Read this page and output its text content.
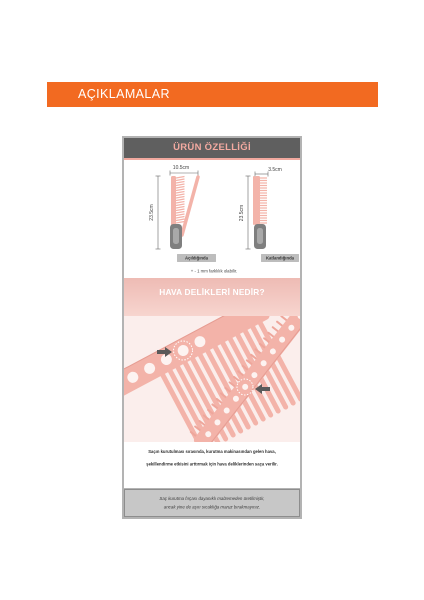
AÇIKLAMALAR
ÜRÜN ÖZELLİĞİ
10.5cm
23.5cm
3.5cm
23.5cm
Açıldığında	Katlandığında
+ - 1 mm farklılık olabilir.
HAVA DELİKLERİ NEDİR?
Saçın kurutulması sırasında, kurutma makinasından gelen hava,
şekillendirme etkisini arttırmak için hava deliklerinden saça verilir.
Saç kurutma fırçası dayanıklı malzemeden üretilmiştir,
ancak yine de aşırı sıcaklığa maruz bırakmayınız.
